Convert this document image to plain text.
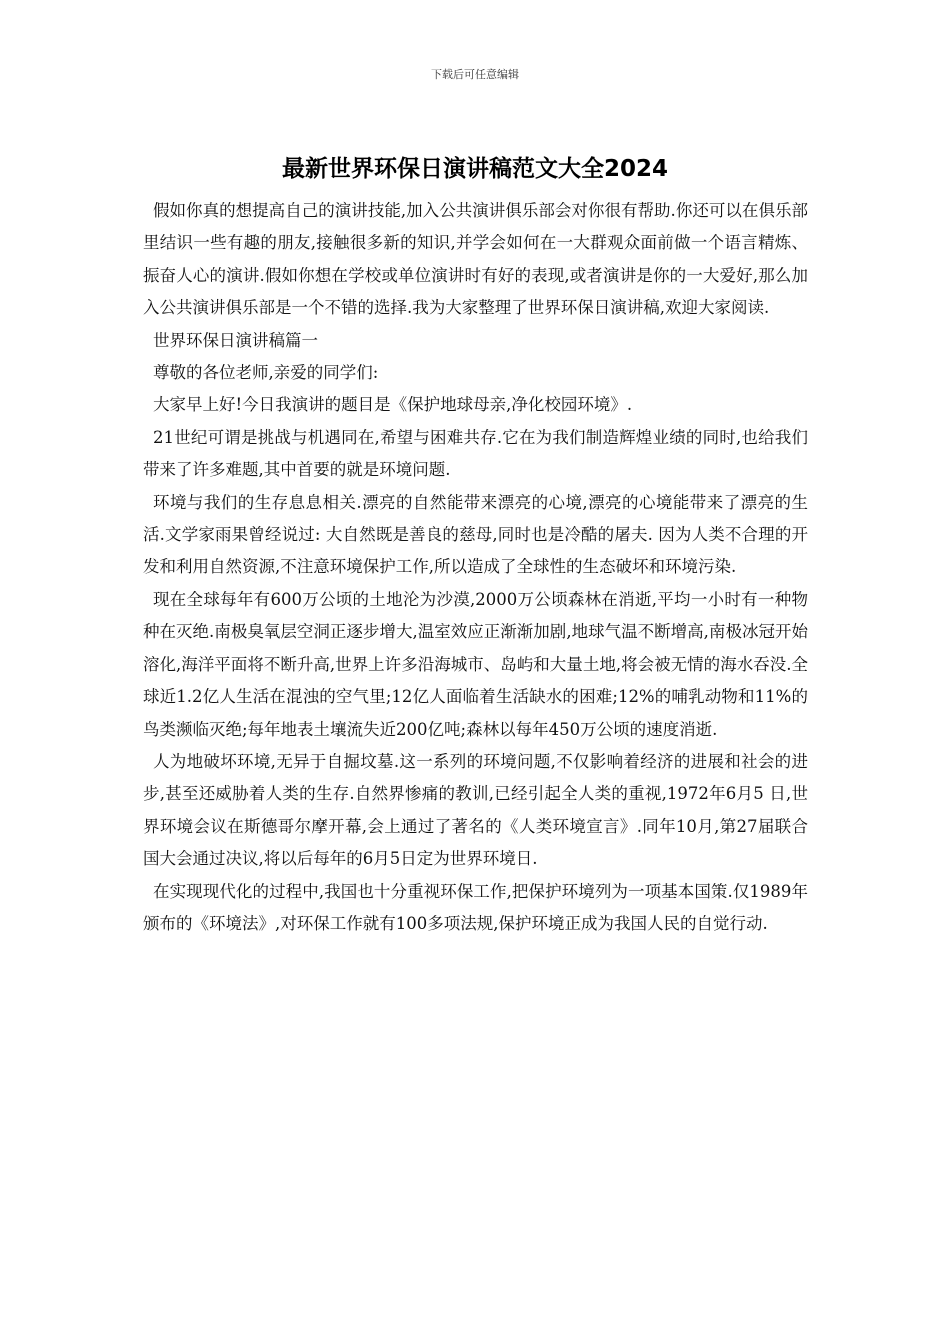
下载后可任意编辑
最新世界环保日演讲稿范文大全2024

假如你真的想提高自己的演讲技能,加入公共演讲俱乐部会对你很有帮助.你还可以在俱乐部里结识一些有趣的朋友,接触很多新的知识,并学会如何在一大群观众面前做一个语言精炼、振奋人心的演讲.假如你想在学校或单位演讲时有好的表现,或者演讲是你的一大爱好,那么加入公共演讲俱乐部是一个不错的选择.我为大家整理了世界环保日演讲稿,欢迎大家阅读.

世界环保日演讲稿篇一

尊敬的各位老师,亲爱的同学们:

大家早上好!今日我演讲的题目是《保护地球母亲,净化校园环境》.

21世纪可谓是挑战与机遇同在,希望与困难共存.它在为我们制造辉煌业绩的同时,也给我们带来了许多难题,其中首要的就是环境问题.

环境与我们的生存息息相关.漂亮的自然能带来漂亮的心境,漂亮的心境能带来了漂亮的生活.文学家雨果曾经说过: 大自然既是善良的慈母,同时也是冷酷的屠夫. 因为人类不合理的开发和利用自然资源,不注意环境保护工作,所以造成了全球性的生态破坏和环境污染.

现在全球每年有600万公顷的土地沦为沙漠,2000万公顷森林在消逝,平均一小时有一种物种在灭绝.南极臭氧层空洞正逐步增大,温室效应正渐渐加剧,地球气温不断增高,南极冰冠开始溶化,海洋平面将不断升高,世界上许多沿海城市、岛屿和大量土地,将会被无情的海水吞没.全球近1.2亿人生活在混浊的空气里;12亿人面临着生活缺水的困难;12%的哺乳动物和11%的鸟类濒临灭绝;每年地表土壤流失近200亿吨;森林以每年450万公顷的速度消逝.

人为地破坏环境,无异于自掘坟墓.这一系列的环境问题,不仅影响着经济的进展和社会的进步,甚至还威胁着人类的生存.自然界惨痛的教训,已经引起全人类的重视,1972年6月5 日,世界环境会议在斯德哥尔摩开幕,会上通过了著名的《人类环境宣言》.同年10月,第27届联合国大会通过决议,将以后每年的6月5日定为世界环境日.

在实现现代化的过程中,我国也十分重视环保工作,把保护环境列为一项基本国策.仅1989年颁布的《环境法》,对环保工作就有100多项法规,保护环境正成为我国人民的自觉行动.
